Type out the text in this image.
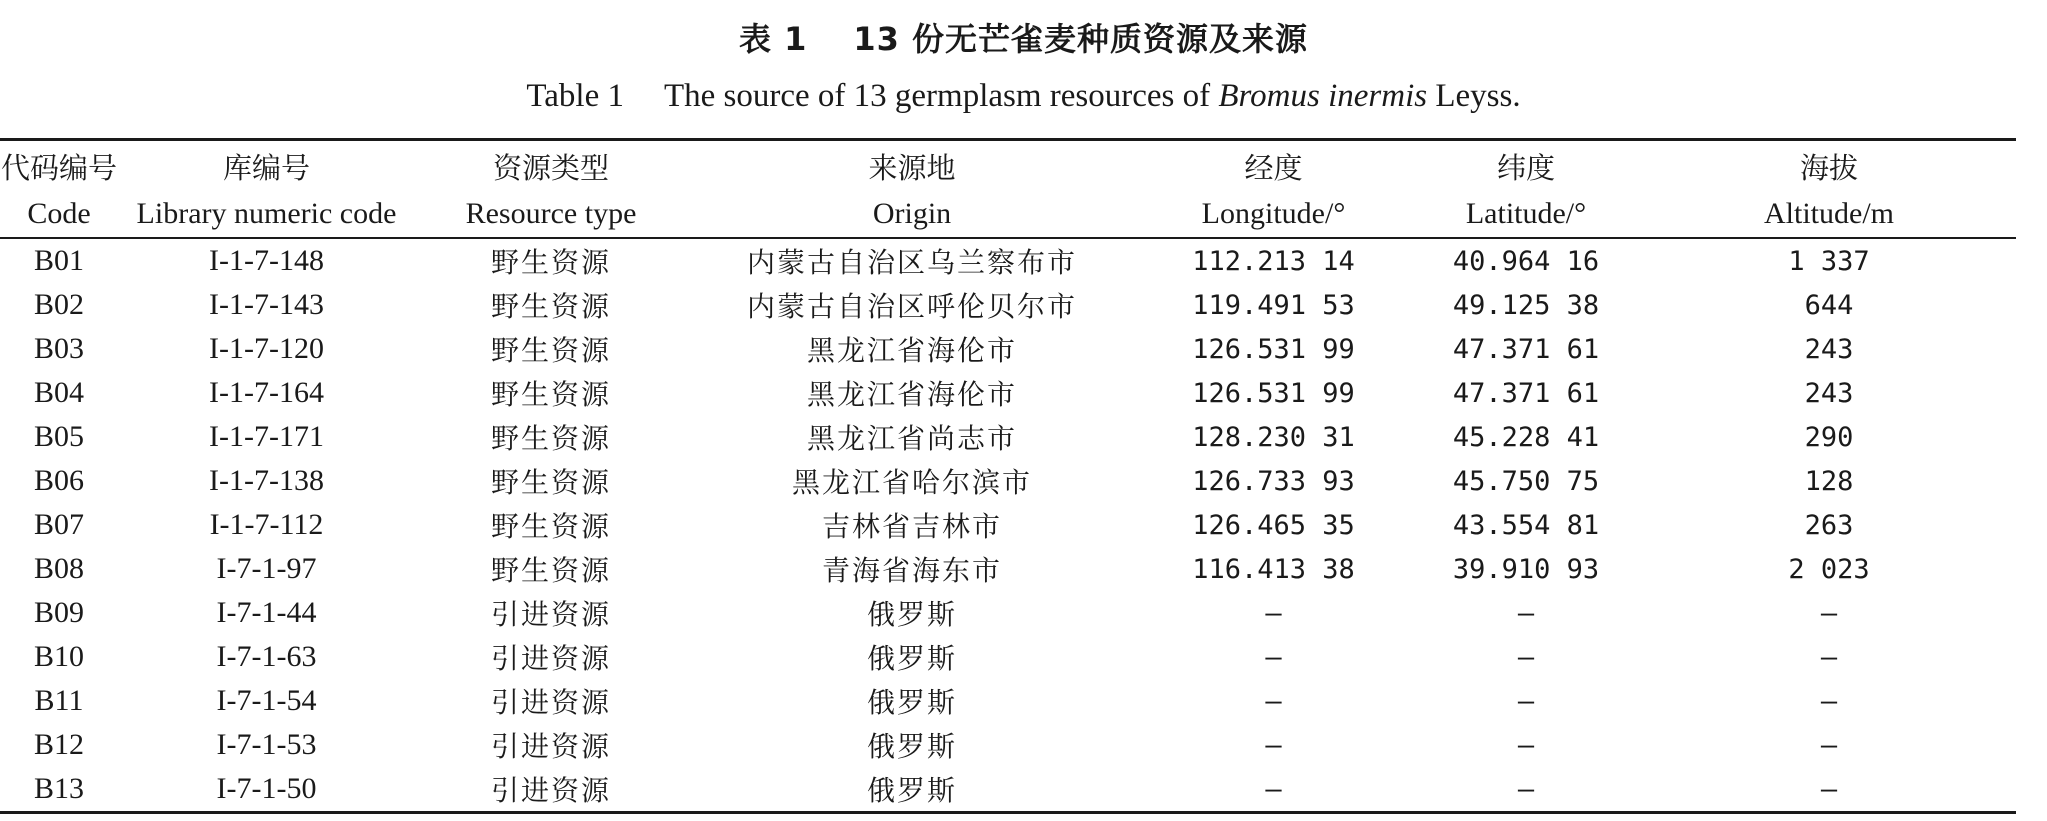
表 1 13 份无芒雀麦种质资源及来源
Table 1 The source of 13 germplasm resources of Bromus inermis Leyss.
代码编号	库编号	资源类型	来源地	经度	纬度	海拔
Code	Library numeric code	Resource type	Origin	Longitude/°	Latitude/°	Altitude/m
B01	I-1-7-148	野生资源	内蒙古自治区乌兰察布市	112.213 14	40.964 16	1 337
B02	I-1-7-143	野生资源	内蒙古自治区呼伦贝尔市	119.491 53	49.125 38	644
B03	I-1-7-120	野生资源	黑龙江省海伦市	126.531 99	47.371 61	243
B04	I-1-7-164	野生资源	黑龙江省海伦市	126.531 99	47.371 61	243
B05	I-1-7-171	野生资源	黑龙江省尚志市	128.230 31	45.228 41	290
B06	I-1-7-138	野生资源	黑龙江省哈尔滨市	126.733 93	45.750 75	128
B07	I-1-7-112	野生资源	吉林省吉林市	126.465 35	43.554 81	263
B08	I-7-1-97	野生资源	青海省海东市	116.413 38	39.910 93	2 023
B09	I-7-1-44	引进资源	俄罗斯	—	—	—
B10	I-7-1-63	引进资源	俄罗斯	—	—	—
B11	I-7-1-54	引进资源	俄罗斯	—	—	—
B12	I-7-1-53	引进资源	俄罗斯	—	—	—
B13	I-7-1-50	引进资源	俄罗斯	—	—	—
